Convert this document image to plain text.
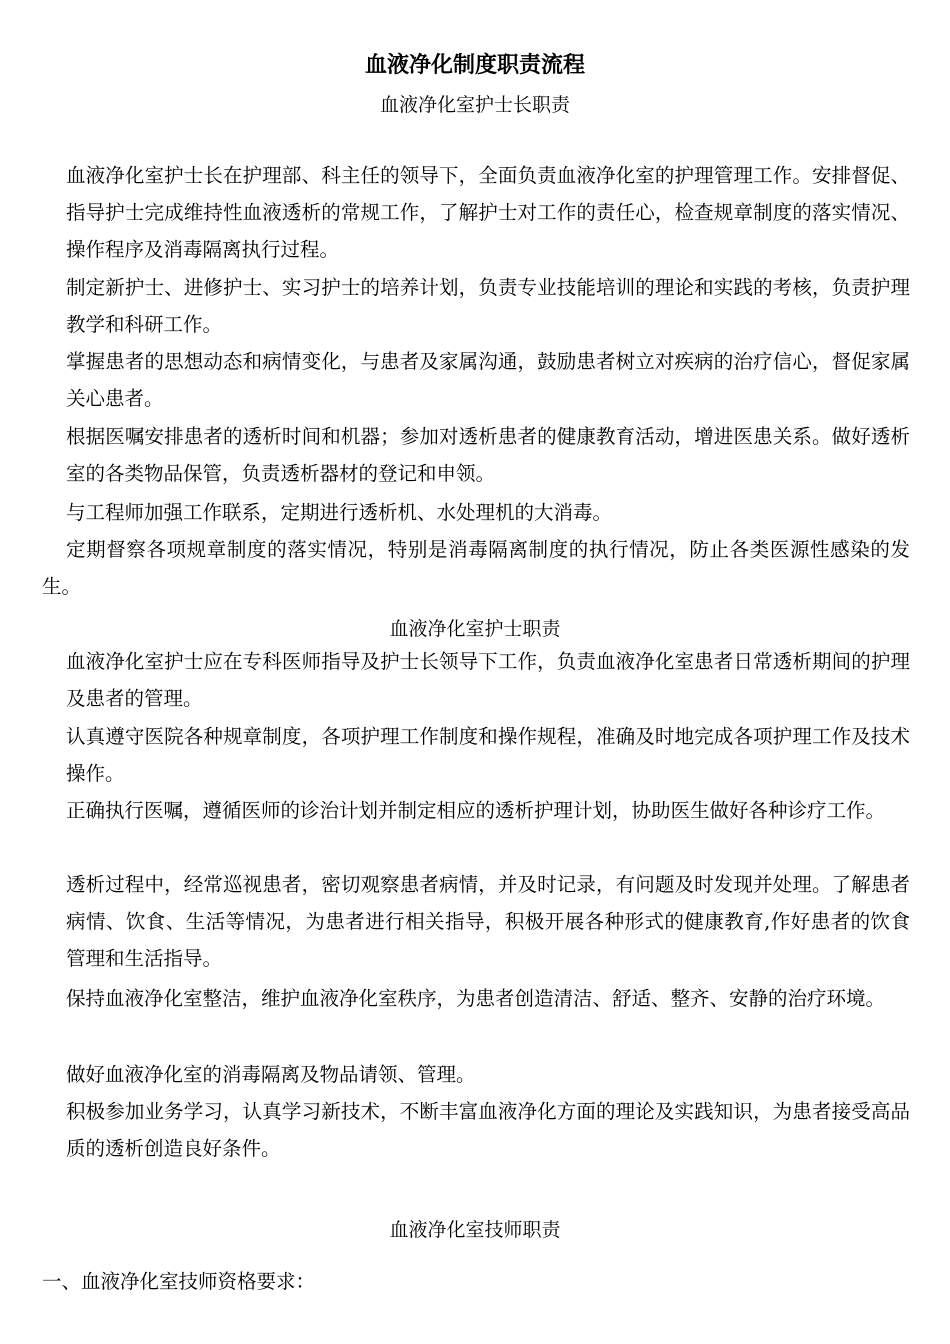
血液净化制度职责流程
血液净化室护士长职责
血液净化室护士长在护理部、科主任的领导下，全面负责血液净化室的护理管理工作。安排督促、指导护士完成维持性血液透析的常规工作，了解护士对工作的责任心，检查规章制度的落实情况、操作程序及消毒隔离执行过程。
制定新护士、进修护士、实习护士的培养计划，负责专业技能培训的理论和实践的考核，负责护理教学和科研工作。
掌握患者的思想动态和病情变化，与患者及家属沟通，鼓励患者树立对疾病的治疗信心，督促家属关心患者。
根据医嘱安排患者的透析时间和机器；参加对透析患者的健康教育活动，增进医患关系。做好透析室的各类物品保管，负责透析器材的登记和申领。
与工程师加强工作联系，定期进行透析机、水处理机的大消毒。
定期督察各项规章制度的落实情况，特别是消毒隔离制度的执行情况，防止各类医源性感染的发生。
血液净化室护士职责
血液净化室护士应在专科医师指导及护士长领导下工作，负责血液净化室患者日常透析期间的护理及患者的管理。
认真遵守医院各种规章制度，各项护理工作制度和操作规程，准确及时地完成各项护理工作及技术操作。
正确执行医嘱，遵循医师的诊治计划并制定相应的透析护理计划，协助医生做好各种诊疗工作。
透析过程中，经常巡视患者，密切观察患者病情，并及时记录，有问题及时发现并处理。了解患者病情、饮食、生活等情况，为患者进行相关指导，积极开展各种形式的健康教育,作好患者的饮食管理和生活指导。
保持血液净化室整洁，维护血液净化室秩序，为患者创造清洁、舒适、整齐、安静的治疗环境。
做好血液净化室的消毒隔离及物品请领、管理。
积极参加业务学习，认真学习新技术，不断丰富血液净化方面的理论及实践知识，为患者接受高品质的透析创造良好条件。
血液净化室技师职责
一、血液净化室技师资格要求：
